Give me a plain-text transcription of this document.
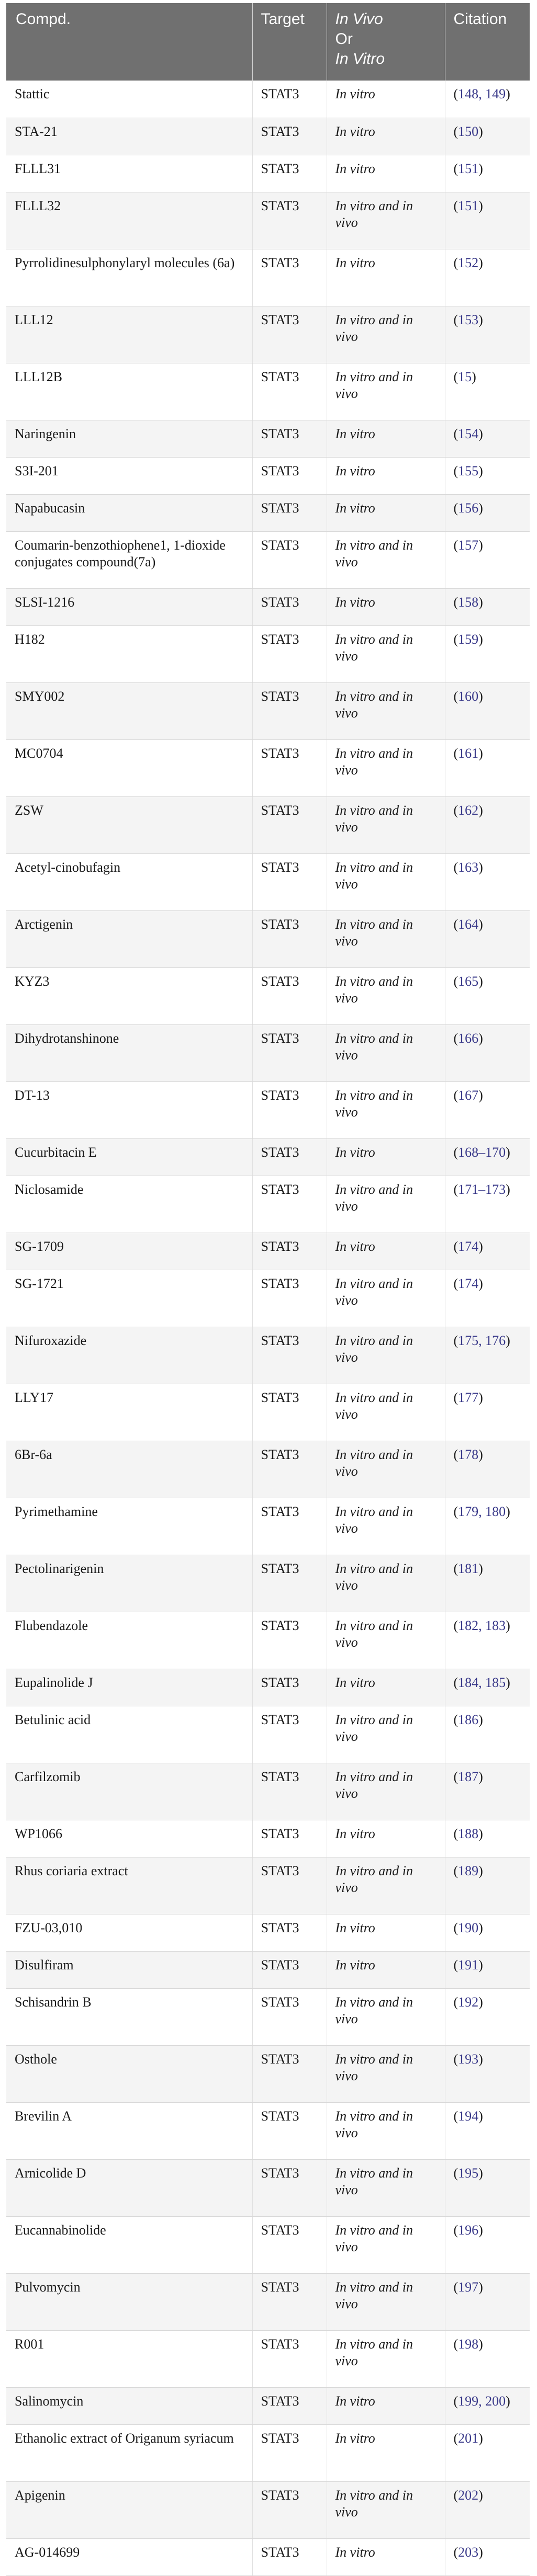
Compd.	Target	In Vivo
Or
In Vitro	Citation
Stattic	STAT3	In vitro	(148, 149)
STA-21	STAT3	In vitro	(150)
FLLL31	STAT3	In vitro	(151)
FLLL32	STAT3	In vitro and in vivo	(151)
Pyrrolidinesulphonylaryl molecules (6a)	STAT3	In vitro	(152)
LLL12	STAT3	In vitro and in vivo	(153)
LLL12B	STAT3	In vitro and in vivo	(15)
Naringenin	STAT3	In vitro	(154)
S3I-201	STAT3	In vitro	(155)
Napabucasin	STAT3	In vitro	(156)
Coumarin-benzothiophene1, 1-dioxide conjugates compound(7a)	STAT3	In vitro and in vivo	(157)
SLSI-1216	STAT3	In vitro	(158)
H182	STAT3	In vitro and in vivo	(159)
SMY002	STAT3	In vitro and in vivo	(160)
MC0704	STAT3	In vitro and in vivo	(161)
ZSW	STAT3	In vitro and in vivo	(162)
Acetyl-cinobufagin	STAT3	In vitro and in vivo	(163)
Arctigenin	STAT3	In vitro and in vivo	(164)
KYZ3	STAT3	In vitro and in vivo	(165)
Dihydrotanshinone	STAT3	In vitro and in vivo	(166)
DT-13	STAT3	In vitro and in vivo	(167)
Cucurbitacin E	STAT3	In vitro	(168–170)
Niclosamide	STAT3	In vitro and in vivo	(171–173)
SG-1709	STAT3	In vitro	(174)
SG-1721	STAT3	In vitro and in vivo	(174)
Nifuroxazide	STAT3	In vitro and in vivo	(175, 176)
LLY17	STAT3	In vitro and in vivo	(177)
6Br-6a	STAT3	In vitro and in vivo	(178)
Pyrimethamine	STAT3	In vitro and in vivo	(179, 180)
Pectolinarigenin	STAT3	In vitro and in vivo	(181)
Flubendazole	STAT3	In vitro and in vivo	(182, 183)
Eupalinolide J	STAT3	In vitro	(184, 185)
Betulinic acid	STAT3	In vitro and in vivo	(186)
Carfilzomib	STAT3	In vitro and in vivo	(187)
WP1066	STAT3	In vitro	(188)
Rhus coriaria extract	STAT3	In vitro and in vivo	(189)
FZU-03,010	STAT3	In vitro	(190)
Disulfiram	STAT3	In vitro	(191)
Schisandrin B	STAT3	In vitro and in vivo	(192)
Osthole	STAT3	In vitro and in vivo	(193)
Brevilin A	STAT3	In vitro and in vivo	(194)
Arnicolide D	STAT3	In vitro and in vivo	(195)
Eucannabinolide	STAT3	In vitro and in vivo	(196)
Pulvomycin	STAT3	In vitro and in vivo	(197)
R001	STAT3	In vitro and in vivo	(198)
Salinomycin	STAT3	In vitro	(199, 200)
Ethanolic extract of Origanum syriacum	STAT3	In vitro	(201)
Apigenin	STAT3	In vitro and in vivo	(202)
AG-014699	STAT3	In vitro	(203)
